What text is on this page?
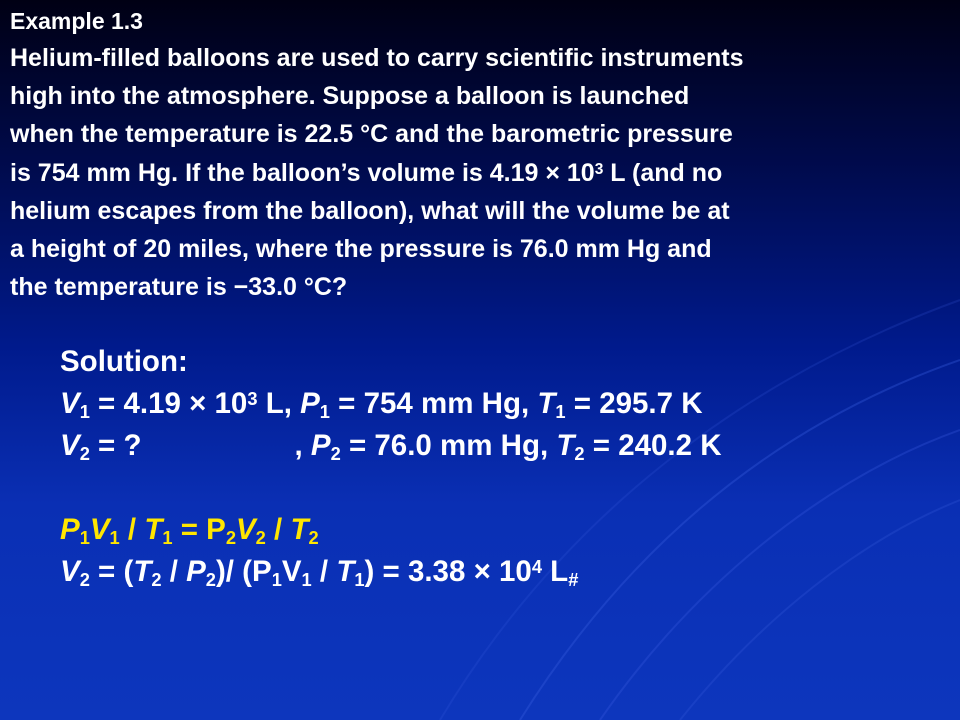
Example 1.3
Helium-filled balloons are used to carry scientific instruments
high into the atmosphere. Suppose a balloon is launched
when the temperature is 22.5 °C and the barometric pressure
is 754 mm Hg. If the balloon’s volume is $4.19 \times 10^3$ L (and no
helium escapes from the balloon), what will the volume be at
a height of 20 miles, where the pressure is 76.0 mm Hg and
the temperature is −33.0 °C?
Solution:
$V_1 = 4.19 \times 10^3$ L, $P_1 = 754$ mm Hg, $T_1 = 295.7$ K
$V_2$ = ?	, $P_2 = 76.0$ mm Hg, $T_2 = 240.2$ K
$P_1V_1 / T_1 = P_2V_2 / T_2$
$V_2 = (T_2 / P_2)/$ $(P_1V_1 / T_1) = 3.38 \times 10^4$ $L_{\#}$
